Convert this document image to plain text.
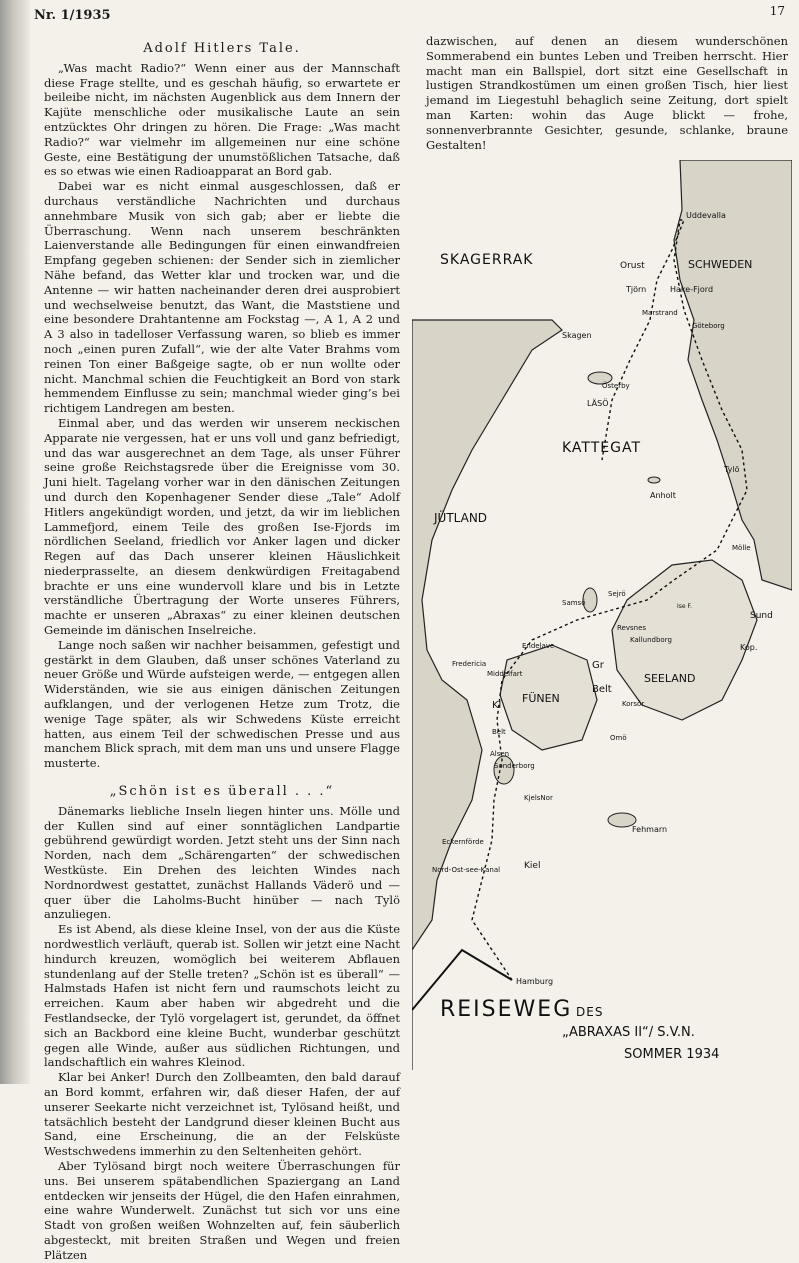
Nr. 1/1935	17
Adolf Hitlers Tale.

„Was macht Radio?“ Wenn einer aus der Mannschaft diese Frage stellte, und es geschah häufig, so erwartete er beileibe nicht, im nächsten Augenblick aus dem Innern der Kajüte menschliche oder musikalische Laute an sein entzücktes Ohr dringen zu hören. Die Frage: „Was macht Radio?“ war vielmehr im allgemeinen nur eine schöne Geste, eine Bestätigung der unumstößlichen Tatsache, daß es so etwas wie einen Radioapparat an Bord gab.

Dabei war es nicht einmal ausgeschlossen, daß er durchaus verständliche Nachrichten und durchaus annehmbare Musik von sich gab; aber er liebte die Überraschung. Wenn nach unserem beschränkten Laienverstande alle Bedingungen für einen einwandfreien Empfang gegeben schienen: der Sender sich in ziemlicher Nähe befand, das Wetter klar und trocken war, und die Antenne — wir hatten nacheinander deren drei ausprobiert und wechselweise benutzt, das Want, die Maststiene und eine besondere Drahtantenne am Fockstag —, A 1, A 2 und A 3 also in tadelloser Verfassung waren, so blieb es immer noch „einen puren Zufall“, wie der alte Vater Brahms vom reinen Ton einer Baßgeige sagte, ob er nun wollte oder nicht. Manchmal schien die Feuchtigkeit an Bord von stark hemmendem Einflusse zu sein; manchmal wieder ging’s bei richtigem Landregen am besten.

Einmal aber, und das werden wir unserem neckischen Apparate nie vergessen, hat er uns voll und ganz befriedigt, und das war ausgerechnet an dem Tage, als unser Führer seine große Reichstagsrede über die Ereignisse vom 30. Juni hielt. Tagelang vorher war in den dänischen Zeitungen und durch den Kopenhagener Sender diese „Tale“ Adolf Hitlers angekündigt worden, und jetzt, da wir im lieblichen Lammefjord, einem Teile des großen Ise-Fjords im nördlichen Seeland, friedlich vor Anker lagen und dicker Regen auf das Dach unserer kleinen Häuslichkeit niederprasselte, an diesem denkwürdigen Freitagabend brachte er uns eine wundervoll klare und bis in Letzte verständliche Übertragung der Worte unseres Führers, machte er unseren „Abraxas“ zu einer kleinen deutschen Gemeinde im dänischen Inselreiche.

Lange noch saßen wir nachher beisammen, gefestigt und gestärkt in dem Glauben, daß unser schönes Vaterland zu neuer Größe und Würde aufsteigen werde, — entgegen allen Widerständen, wie sie aus einigen dänischen Zeitungen aufklangen, und der verlogenen Hetze zum Trotz, die wenige Tage später, als wir Schwedens Küste erreicht hatten, aus einem Teil der schwedischen Presse und aus manchem Blick sprach, mit dem man uns und unsere Flagge musterte.

„Schön ist es überall . . .“

Dänemarks liebliche Inseln liegen hinter uns. Mölle und der Kullen sind auf einer sonntäglichen Landpartie gebührend gewürdigt worden. Jetzt steht uns der Sinn nach Norden, nach dem „Schärengarten“ der schwedischen Westküste. Ein Drehen des leichten Windes nach Nordnordwest gestattet, zunächst Hallands Väderö und — quer über die Laholms-Bucht hinüber — nach Tylö anzuliegen.

Es ist Abend, als diese kleine Insel, von der aus die Küste nordwestlich verläuft, querab ist. Sollen wir jetzt eine Nacht hindurch kreuzen, womöglich bei weiterem Abflauen stundenlang auf der Stelle treten? „Schön ist es überall“ — Halmstads Hafen ist nicht fern und raumschots leicht zu erreichen. Kaum aber haben wir abgedreht und die Festlandsecke, der Tylö vorgelagert ist, gerundet, da öffnet sich an Backbord eine kleine Bucht, wunderbar geschützt gegen alle Winde, außer aus südlichen Richtungen, und landschaftlich ein wahres Kleinod.

Klar bei Anker! Durch den Zollbeamten, den bald darauf an Bord kommt, erfahren wir, daß dieser Hafen, der auf unserer Seekarte nicht verzeichnet ist, Tylösand heißt, und tatsächlich besteht der Landgrund dieser kleinen Bucht aus Sand, eine Erscheinung, die an der Felsküste Westschwedens immerhin zu den Seltenheiten gehört.

Aber Tylösand birgt noch weitere Überraschungen für uns. Bei unserem spätabendlichen Spaziergang an Land entdecken wir jenseits der Hügel, die den Hafen einrahmen, eine wahre Wunderwelt. Zunächst tut sich vor uns eine Stadt von großen weißen Wohnzelten auf, fein säuberlich abgesteckt, mit breiten Straßen und Wegen und freien Plätzen

dazwischen, auf denen an diesem wunderschönen Sommerabend ein buntes Leben und Treiben herrscht. Hier macht man ein Ballspiel, dort sitzt eine Gesellschaft in lustigen Strandkostümen um einen großen Tisch, hier liest jemand im Liegestuhl behaglich seine Zeitung, dort spielt man Karten: wohin das Auge blickt — frohe, sonnenverbrannte Gesichter, gesunde, schlanke, braune Gestalten!

SKAGERRAK	SCHWEDEN
KATTEGAT
JÜTLAND
SEELAND
FÜNEN
Uddevalla
Orust
Tjörn	Hake-Fjord
Marstrand
Göteborg
Skagen
Österby
LÄSÖ
Anholt
Tylö
Mölle
Samsö
Sejrö
Ise F.
Sund
Kop.
Revsnes
Kallundborg
Endelave
Fredericia
Middelfart
Gr
Belt
Kl
Belt
Korsör
Omö
Alsen
Sonderborg
KjelsNor
Fehmarn
Eckernförde
Kiel
Nord-Ost-see-Kanal
Hamburg
REISEWEG DES
„ABRAXAS II“/ S.V.N.
SOMMER 1934
